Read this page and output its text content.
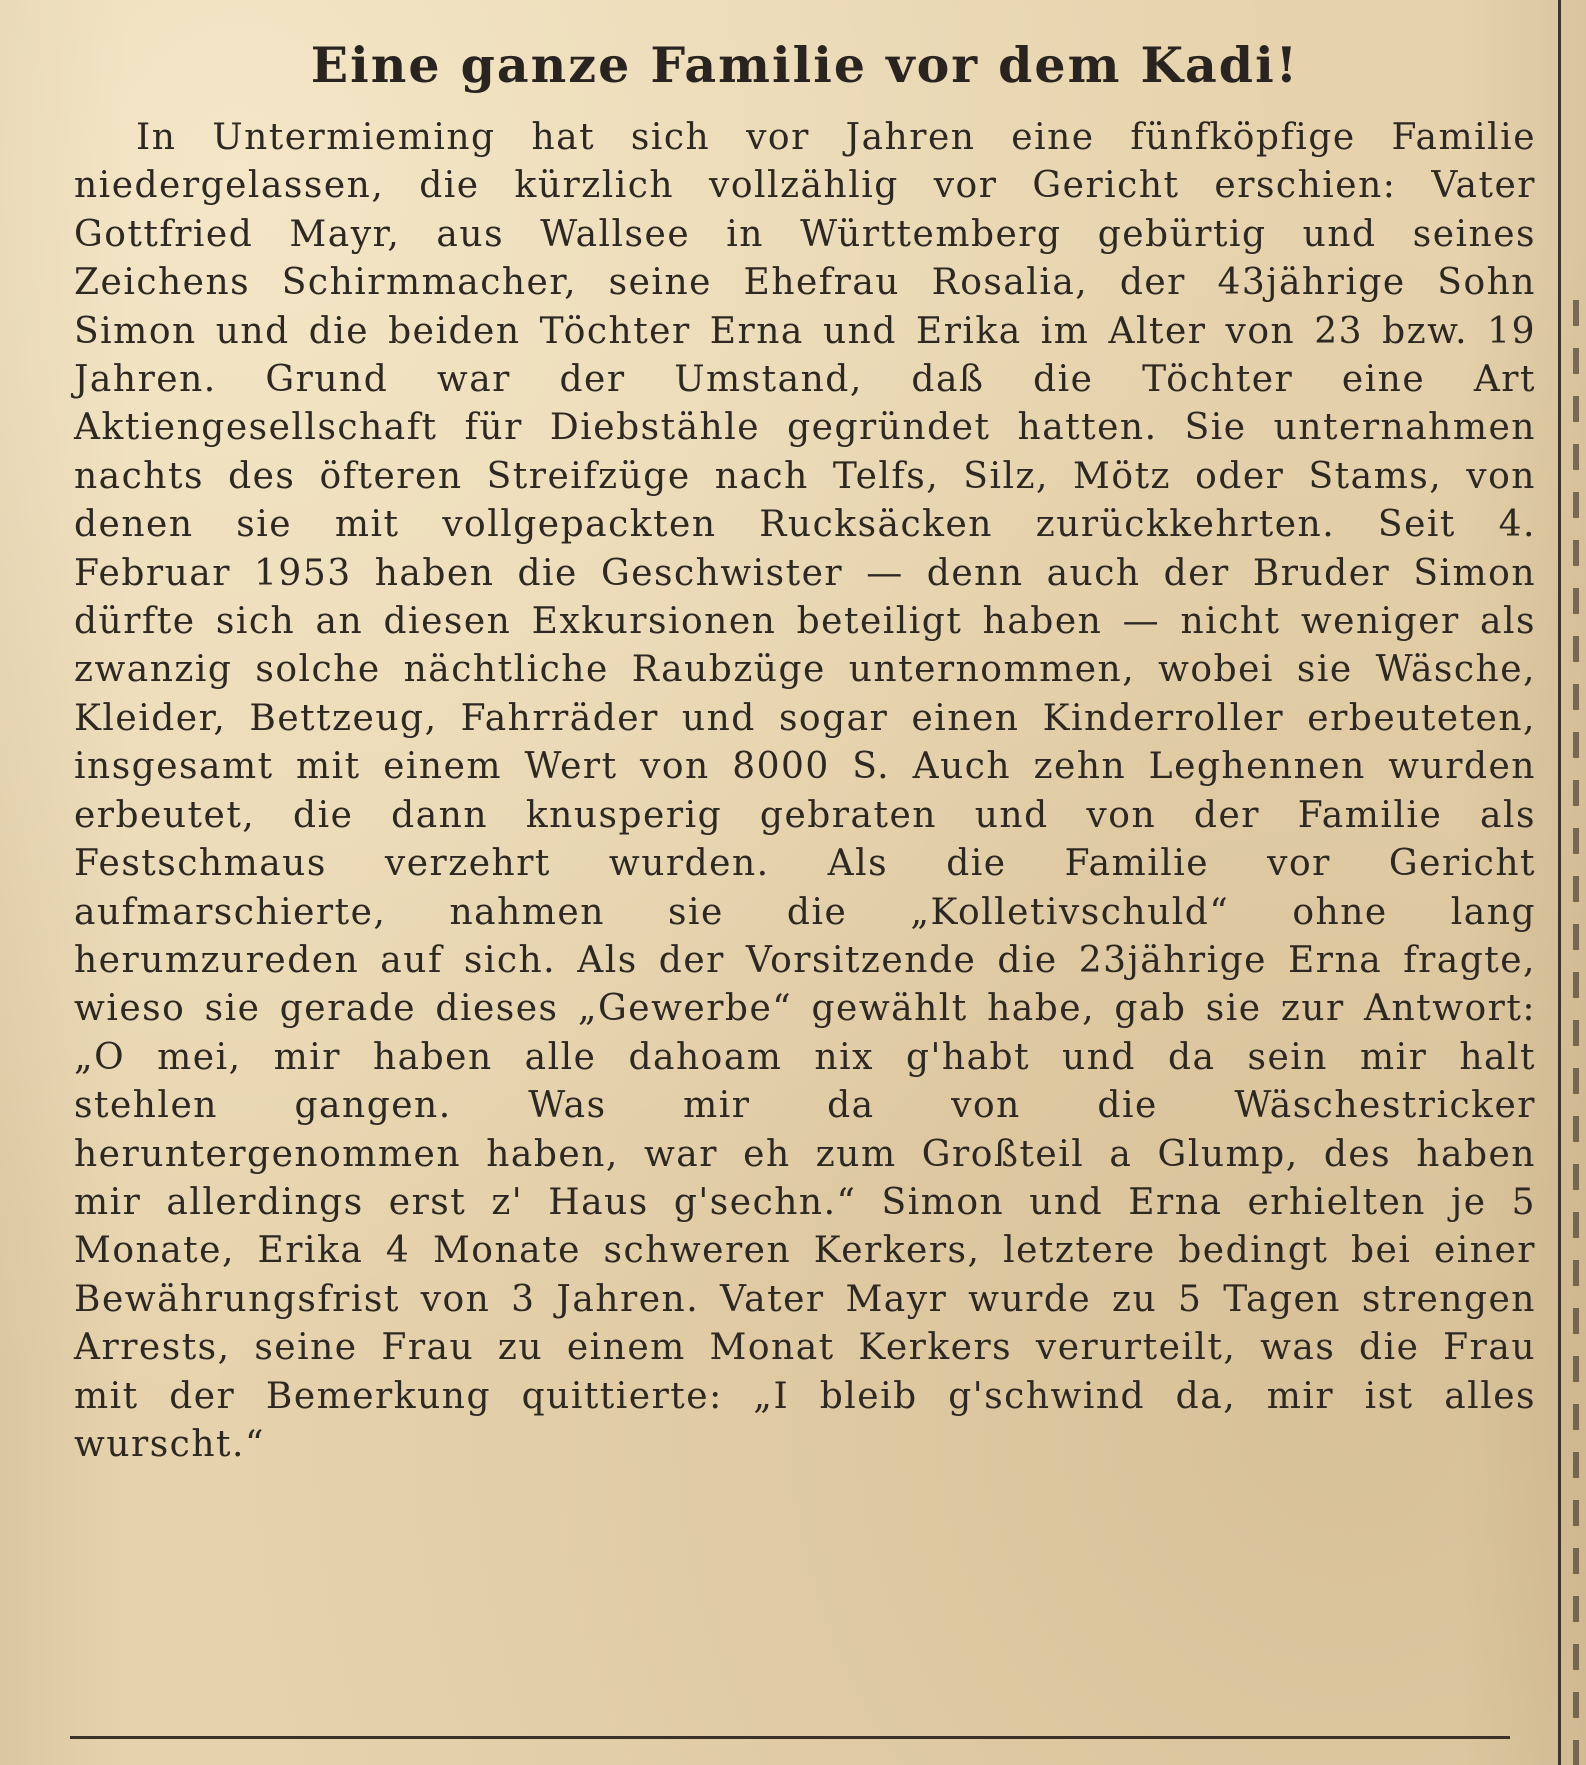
Eine ganze Familie vor dem Kadi!

In Untermieming hat sich vor Jahren eine fünfköpfige Familie niedergelassen, die kürzlich vollzählig vor Gericht erschien: Vater Gottfried Mayr, aus Wallsee in Württemberg gebürtig und seines Zeichens Schirmmacher, seine Ehefrau Rosalia, der 43jährige Sohn Simon und die beiden Töchter Erna und Erika im Alter von 23 bzw. 19 Jahren. Grund war der Umstand, daß die Töchter eine Art Aktiengesellschaft für Diebstähle gegründet hatten. Sie unternahmen nachts des öfteren Streifzüge nach Telfs, Silz, Mötz oder Stams, von denen sie mit vollgepackten Rucksäcken zurückkehrten. Seit 4. Februar 1953 haben die Geschwister — denn auch der Bruder Simon dürfte sich an diesen Exkursionen beteiligt haben — nicht weniger als zwanzig solche nächtliche Raubzüge unternommen, wobei sie Wäsche, Kleider, Bettzeug, Fahrräder und sogar einen Kinderroller erbeuteten, insgesamt mit einem Wert von 8000 S. Auch zehn Leghennen wurden erbeutet, die dann knusperig gebraten und von der Familie als Festschmaus verzehrt wurden. Als die Familie vor Gericht aufmarschierte, nahmen sie die „Kolletivschuld“ ohne lang herumzureden auf sich. Als der Vorsitzende die 23jährige Erna fragte, wieso sie gerade dieses „Gewerbe“ gewählt habe, gab sie zur Antwort: „O mei, mir haben alle dahoam nix g'habt und da sein mir halt stehlen gangen. Was mir da von die Wäschestricker heruntergenommen haben, war eh zum Großteil a Glump, des haben mir allerdings erst z' Haus g'sechn.“ Simon und Erna erhielten je 5 Monate, Erika 4 Monate schweren Kerkers, letztere bedingt bei einer Bewährungsfrist von 3 Jahren. Vater Mayr wurde zu 5 Tagen strengen Arrests, seine Frau zu einem Monat Kerkers verurteilt, was die Frau mit der Bemerkung quittierte: „I bleib g'schwind da, mir ist alles wurscht.“
